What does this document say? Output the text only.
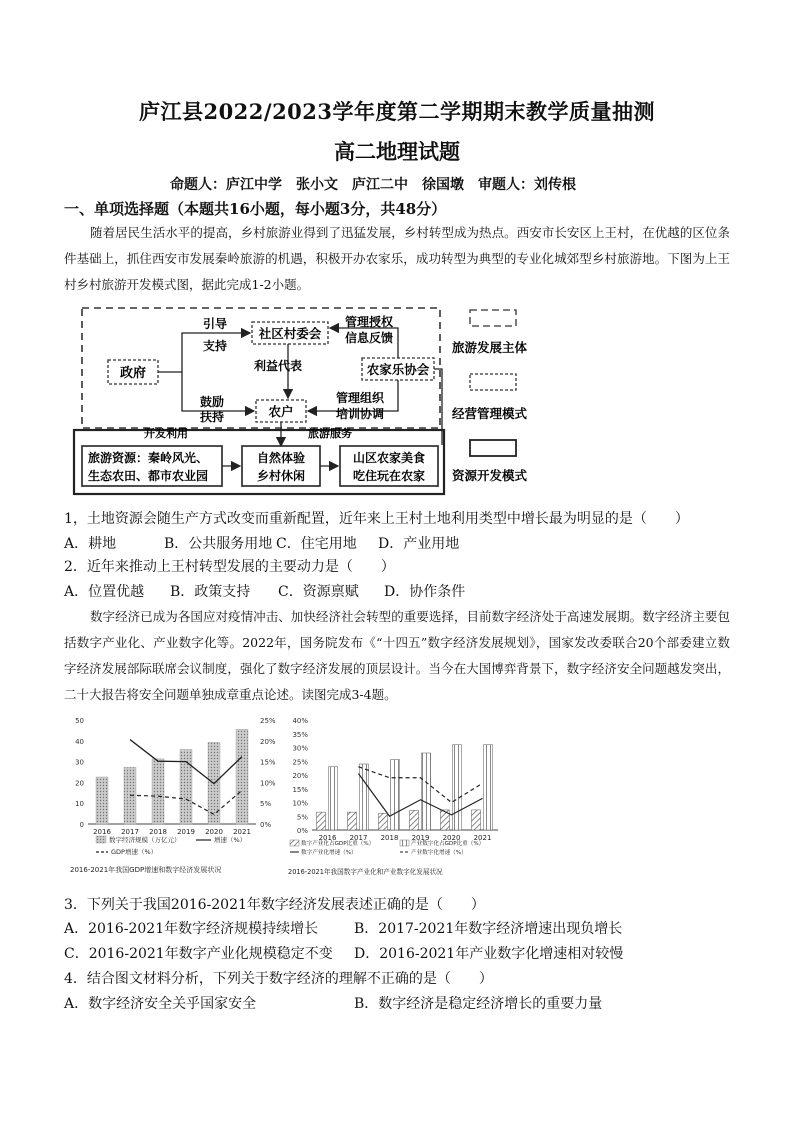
庐江县2022/2023学年度第二学期期末教学质量抽测
高二地理试题
命题人：庐江中学　张小文　庐江二中　徐国墩　审题人：刘传根
一、单项选择题（本题共16小题，每小题3分，共48分）
随着居民生活水平的提高，乡村旅游业得到了迅猛发展，乡村转型成为热点。西安市长安区上王村，在优越的区位条件基础上，抓住西安市发展秦岭旅游的机遇，积极开办农家乐，成功转型为典型的专业化城郊型乡村旅游地。下图为上王村乡村旅游开发模式图，据此完成1-2小题。
政府
社区村委会
农家乐协会
农户
引导
支持
鼓励
扶持
利益代表
管理授权
信息反馈
管理组织
培训协调
开发利用	旅游服务
旅游资源：秦岭风光、
生态农田、都市农业园
自然体验
乡村休闲
山区农家美食
吃住玩在农家
旅游发展主体
经营管理模式
资源开发模式
1，土地资源会随生产方式改变而重新配置，近年来上王村土地利用类型中增长最为明显的是（　　）
A．耕地	B．公共服务用地 C．住宅用地 D．产业用地
2．近年来推动上王村转型发展的主要动力是（　　）
A．位置优越 B．政策支持 C．资源禀赋 D．协作条件
数字经济已成为各国应对疫情冲击、加快经济社会转型的重要选择，目前数字经济处于高速发展期。数字经济主要包括数字产业化、产业数字化等。2022年，国务院发布《“十四五”数字经济发展规划》，国家发改委联合20个部委建立数字经济发展部际联席会议制度，强化了数字经济发展的顶层设计。当今在大国博弈背景下，数字经济安全问题越发突出，二十大报告将安全问题单独成章重点论述。读图完成3-4题。
0
10
20
30
40
50
0%
5%
10%
15%
20%
25%
2016 2017 2018 2019 2020 2021
数字经济规模（万亿元）	增速（%）
GDP增速（%）
2016-2021年我国GDP增速和数字经济发展状况
0%
5%
10%
15%
20%
25%
30%
35%
40%
2016 2017 2018 2019 2020 2021
数字产业化占GDP比重（%）	产业数字化占GDP比重（%）
数字产业化增速（%）	产业数字化增速（%）
2016-2021年我国数字产业化和产业数字化发展状况
3．下列关于我国2016-2021年数字经济发展表述正确的是（　　）
A．2016-2021年数字经济规模持续增长	B．2017-2021年数字经济增速出现负增长
C．2016-2021年数字产业化规模稳定不变 D．2016-2021年产业数字化增速相对较慢
4．结合图文材料分析，下列关于数字经济的理解不正确的是（　　）
A．数字经济安全关乎国家安全	B．数字经济是稳定经济增长的重要力量
